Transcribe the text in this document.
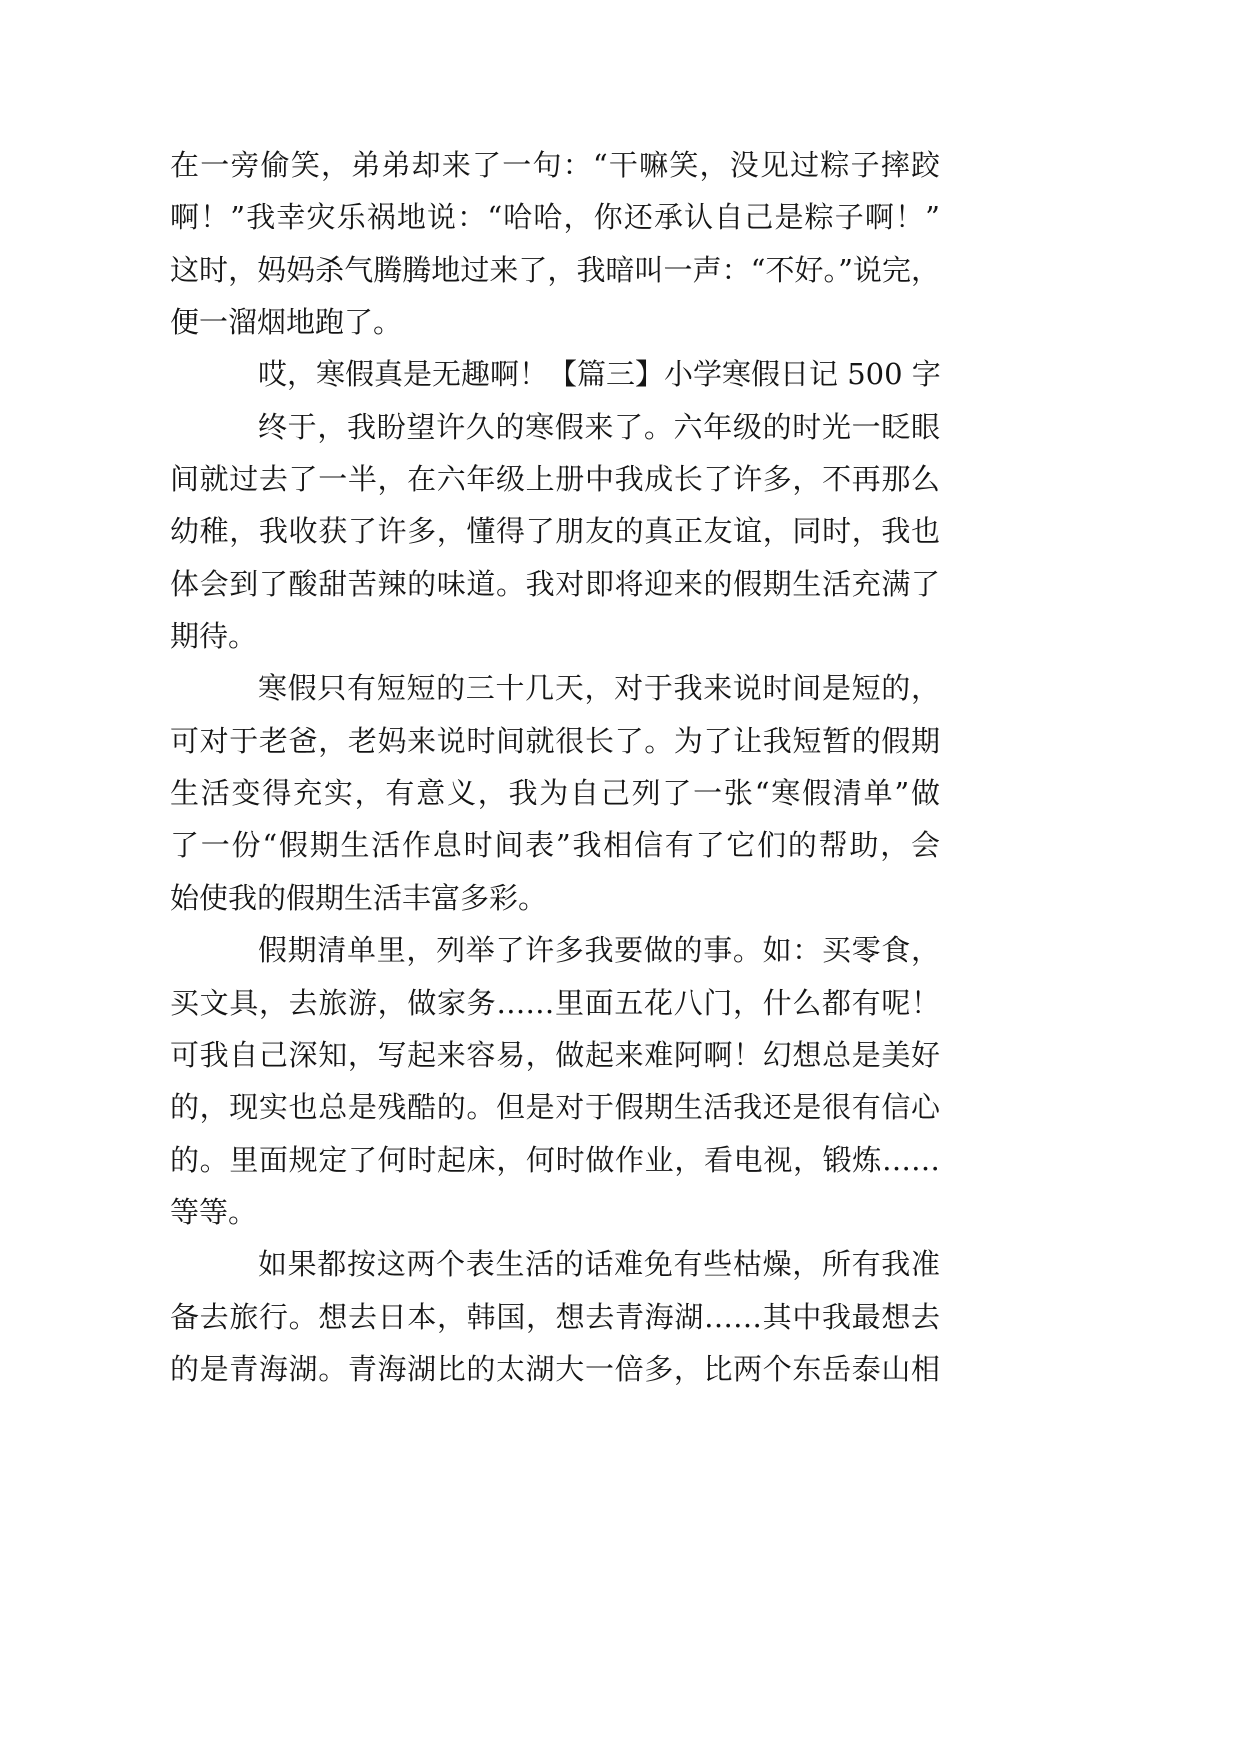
在一旁偷笑，弟弟却来了一句：“干嘛笑，没见过粽子摔跤
啊！”我幸灾乐祸地说：“哈哈，你还承认自己是粽子啊！”
这时，妈妈杀气腾腾地过来了，我暗叫一声：“不好。”说完，
便一溜烟地跑了。
哎，寒假真是无趣啊！【篇三】小学寒假日记 500 字
终于，我盼望许久的寒假来了。六年级的时光一眨眼
间就过去了一半，在六年级上册中我成长了许多，不再那么
幼稚，我收获了许多，懂得了朋友的真正友谊，同时，我也
体会到了酸甜苦辣的味道。我对即将迎来的假期生活充满了
期待。
寒假只有短短的三十几天，对于我来说时间是短的，
可对于老爸，老妈来说时间就很长了。为了让我短暂的假期
生活变得充实，有意义，我为自己列了一张“寒假清单”做
了一份“假期生活作息时间表”我相信有了它们的帮助，会
始使我的假期生活丰富多彩。
假期清单里，列举了许多我要做的事。如：买零食，
买文具，去旅游，做家务……里面五花八门，什么都有呢！
可我自己深知，写起来容易，做起来难阿啊！幻想总是美好
的，现实也总是残酷的。但是对于假期生活我还是很有信心
的。里面规定了何时起床，何时做作业，看电视，锻炼……
等等。
如果都按这两个表生活的话难免有些枯燥，所有我准
备去旅行。想去日本，韩国，想去青海湖……其中我最想去
的是青海湖。青海湖比的太湖大一倍多，比两个东岳泰山相
